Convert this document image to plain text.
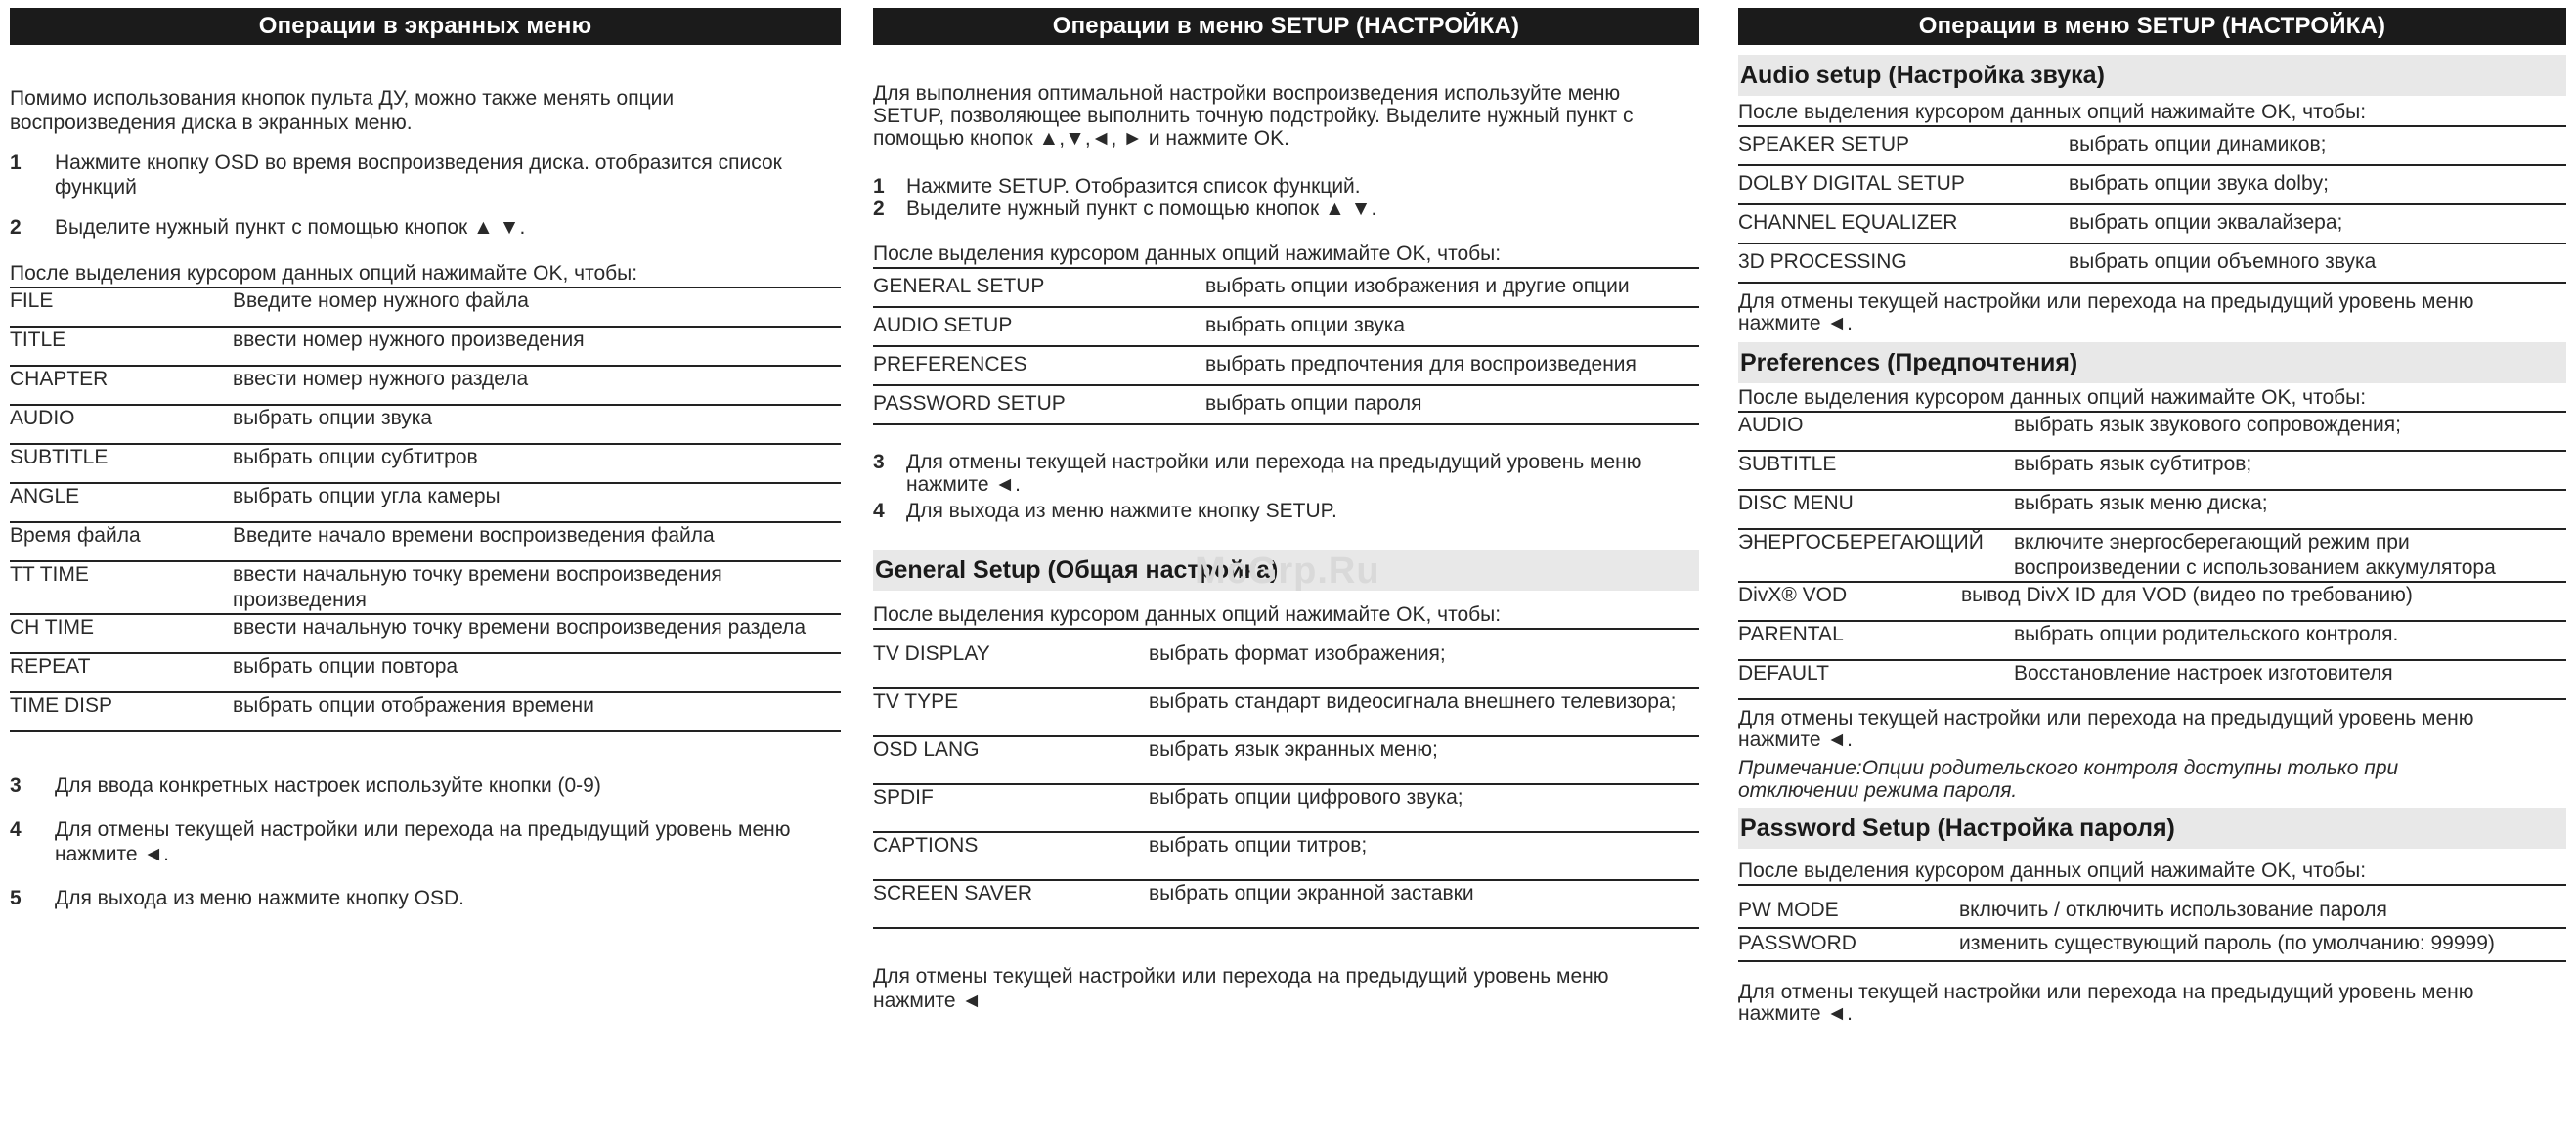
Операции в экранных меню
Помимо использования кнопок пульта ДУ, можно также менять опции воспроизведения диска в экранных меню.
1	Нажмите кнопку OSD во время воспроизведения диска. отобразится список функций
2	Выделите нужный пункт с помощью кнопок ▲ ▼.
После выделения курсором данных опций нажимайте OK, чтобы:
FILE	Введите номер нужного файла
TITLE	ввести номер нужного произведения
CHAPTER	ввести номер нужного раздела
AUDIO	выбрать опции звука
SUBTITLE	выбрать опции субтитров
ANGLE	выбрать опции угла камеры
Время файла	Введите начало времени воспроизведения файла
TT TIME	ввести начальную точку времени воспроизведения произведения
CH TIME	ввести начальную точку времени воспроизведения раздела
REPEAT	выбрать опции повтора
TIME DISP	выбрать опции отображения времени
3	Для ввода конкретных настроек используйте кнопки (0-9)
4	Для отмены текущей настройки или перехода на предыдущий уровень меню нажмите ◄.
5	Для выхода из меню нажмите кнопку OSD.
Операции в меню SETUP (НАСТРОЙКА)
Для выполнения оптимальной настройки воспроизведения используйте меню SETUP, позволяющее выполнить точную подстройку. Выделите нужный пункт с помощью кнопок ▲,▼,◄, ► и нажмите OK.
1	Нажмите SETUP. Отобразится список функций.
2	Выделите нужный пункт с помощью кнопок ▲ ▼.
После выделения курсором данных опций нажимайте OK, чтобы:
GENERAL SETUP	выбрать опции изображения и другие опции
AUDIO SETUP	выбрать опции звука
PREFERENCES	выбрать предпочтения для воспроизведения
PASSWORD SETUP	выбрать опции пароля
3	Для отмены текущей настройки или перехода на предыдущий уровень меню нажмите ◄.
4	Для выхода из меню нажмите кнопку SETUP.
General Setup (Общая настройка)
После выделения курсором данных опций нажимайте OK, чтобы:
TV DISPLAY	выбрать формат изображения;
TV TYPE	выбрать стандарт видеосигнала внешнего телевизора;
OSD LANG	выбрать язык экранных меню;
SPDIF	выбрать опции цифрового звука;
CAPTIONS	выбрать опции титров;
SCREEN SAVER	выбрать опции экранной заставки
Для отмены текущей настройки или перехода на предыдущий уровень меню нажмите ◄
Операции в меню SETUP (НАСТРОЙКА)
Audio setup (Настройка звука)
После выделения курсором данных опций нажимайте OK, чтобы:
SPEAKER SETUP	выбрать опции динамиков;
DOLBY DIGITAL SETUP	выбрать опции звука dolby;
CHANNEL EQUALIZER	выбрать опции эквалайзера;
3D PROCESSING	выбрать опции объемного звука
Для отмены текущей настройки или перехода на предыдущий уровень меню нажмите ◄.
Preferences (Предпочтения)
После выделения курсором данных опций нажимайте OK, чтобы:
AUDIO	выбрать язык звукового сопровождения;
SUBTITLE	выбрать язык субтитров;
DISC MENU	выбрать язык меню диска;
ЭНЕРГОСБЕРЕГАЮЩИЙ	включите энергосберегающий режим при воспроизведении с использованием аккумулятора
DivX® VOD	вывод DivX ID для VOD (видео по требованию)
PARENTAL	выбрать опции родительского контроля.
DEFAULT	Восстановление настроек изготовителя
Для отмены текущей настройки или перехода на предыдущий уровень меню нажмите ◄.
Примечание:Опции родительского контроля доступны только при отключении режима пароля.
Password Setup (Настройка пароля)
После выделения курсором данных опций нажимайте OK, чтобы:
PW MODE	включить / отключить использование пароля
PASSWORD	изменить существующий пароль (по умолчанию: 99999)
Для отмены текущей настройки или перехода на предыдущий уровень меню нажмите ◄.
McGrp.Ru
